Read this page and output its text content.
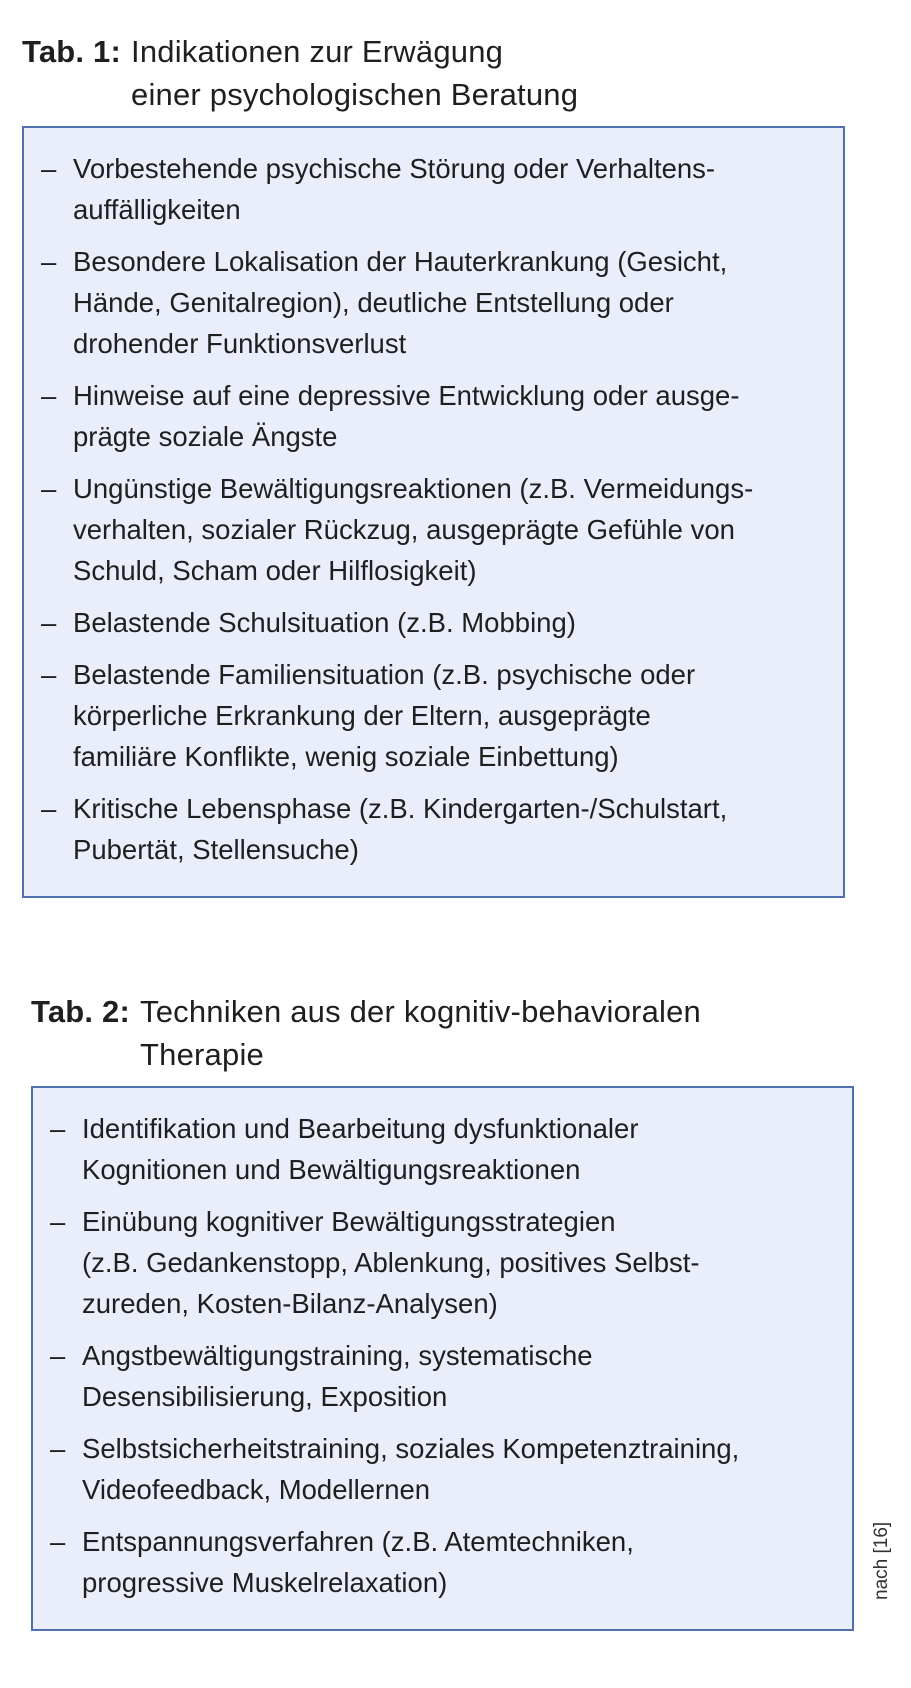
Tab. 1: Indikationen zur Erwägung
einer psychologischen Beratung
– Vorbestehende psychische Störung oder Verhaltens-
auffälligkeiten
– Besondere Lokalisation der Hauterkrankung (Gesicht,
Hände, Genitalregion), deutliche Entstellung oder
drohender Funktionsverlust
– Hinweise auf eine depressive Entwicklung oder ausge-
prägte soziale Ängste
– Ungünstige Bewältigungsreaktionen (z.B. Vermeidungs-
verhalten, sozialer Rückzug, ausgeprägte Gefühle von
Schuld, Scham oder Hilflosigkeit)
– Belastende Schulsituation (z.B. Mobbing)
– Belastende Familiensituation (z.B. psychische oder
körperliche Erkrankung der Eltern, ausgeprägte
familiäre Konflikte, wenig soziale Einbettung)
– Kritische Lebensphase (z.B. Kindergarten-/Schulstart,
Pubertät, Stellensuche)
Tab. 2: Techniken aus der kognitiv-behavioralen
Therapie
– Identifikation und Bearbeitung dysfunktionaler
Kognitionen und Bewältigungsreaktionen
– Einübung kognitiver Bewältigungsstrategien
(z.B. Gedankenstopp, Ablenkung, positives Selbst-
zureden, Kosten-Bilanz-Analysen)
– Angstbewältigungstraining, systematische
Desensibilisierung, Exposition
– Selbstsicherheitstraining, soziales Kompetenztraining,
Videofeedback, Modellernen
– Entspannungsverfahren (z.B. Atemtechniken,
progressive Muskelrelaxation)	nach [16]
